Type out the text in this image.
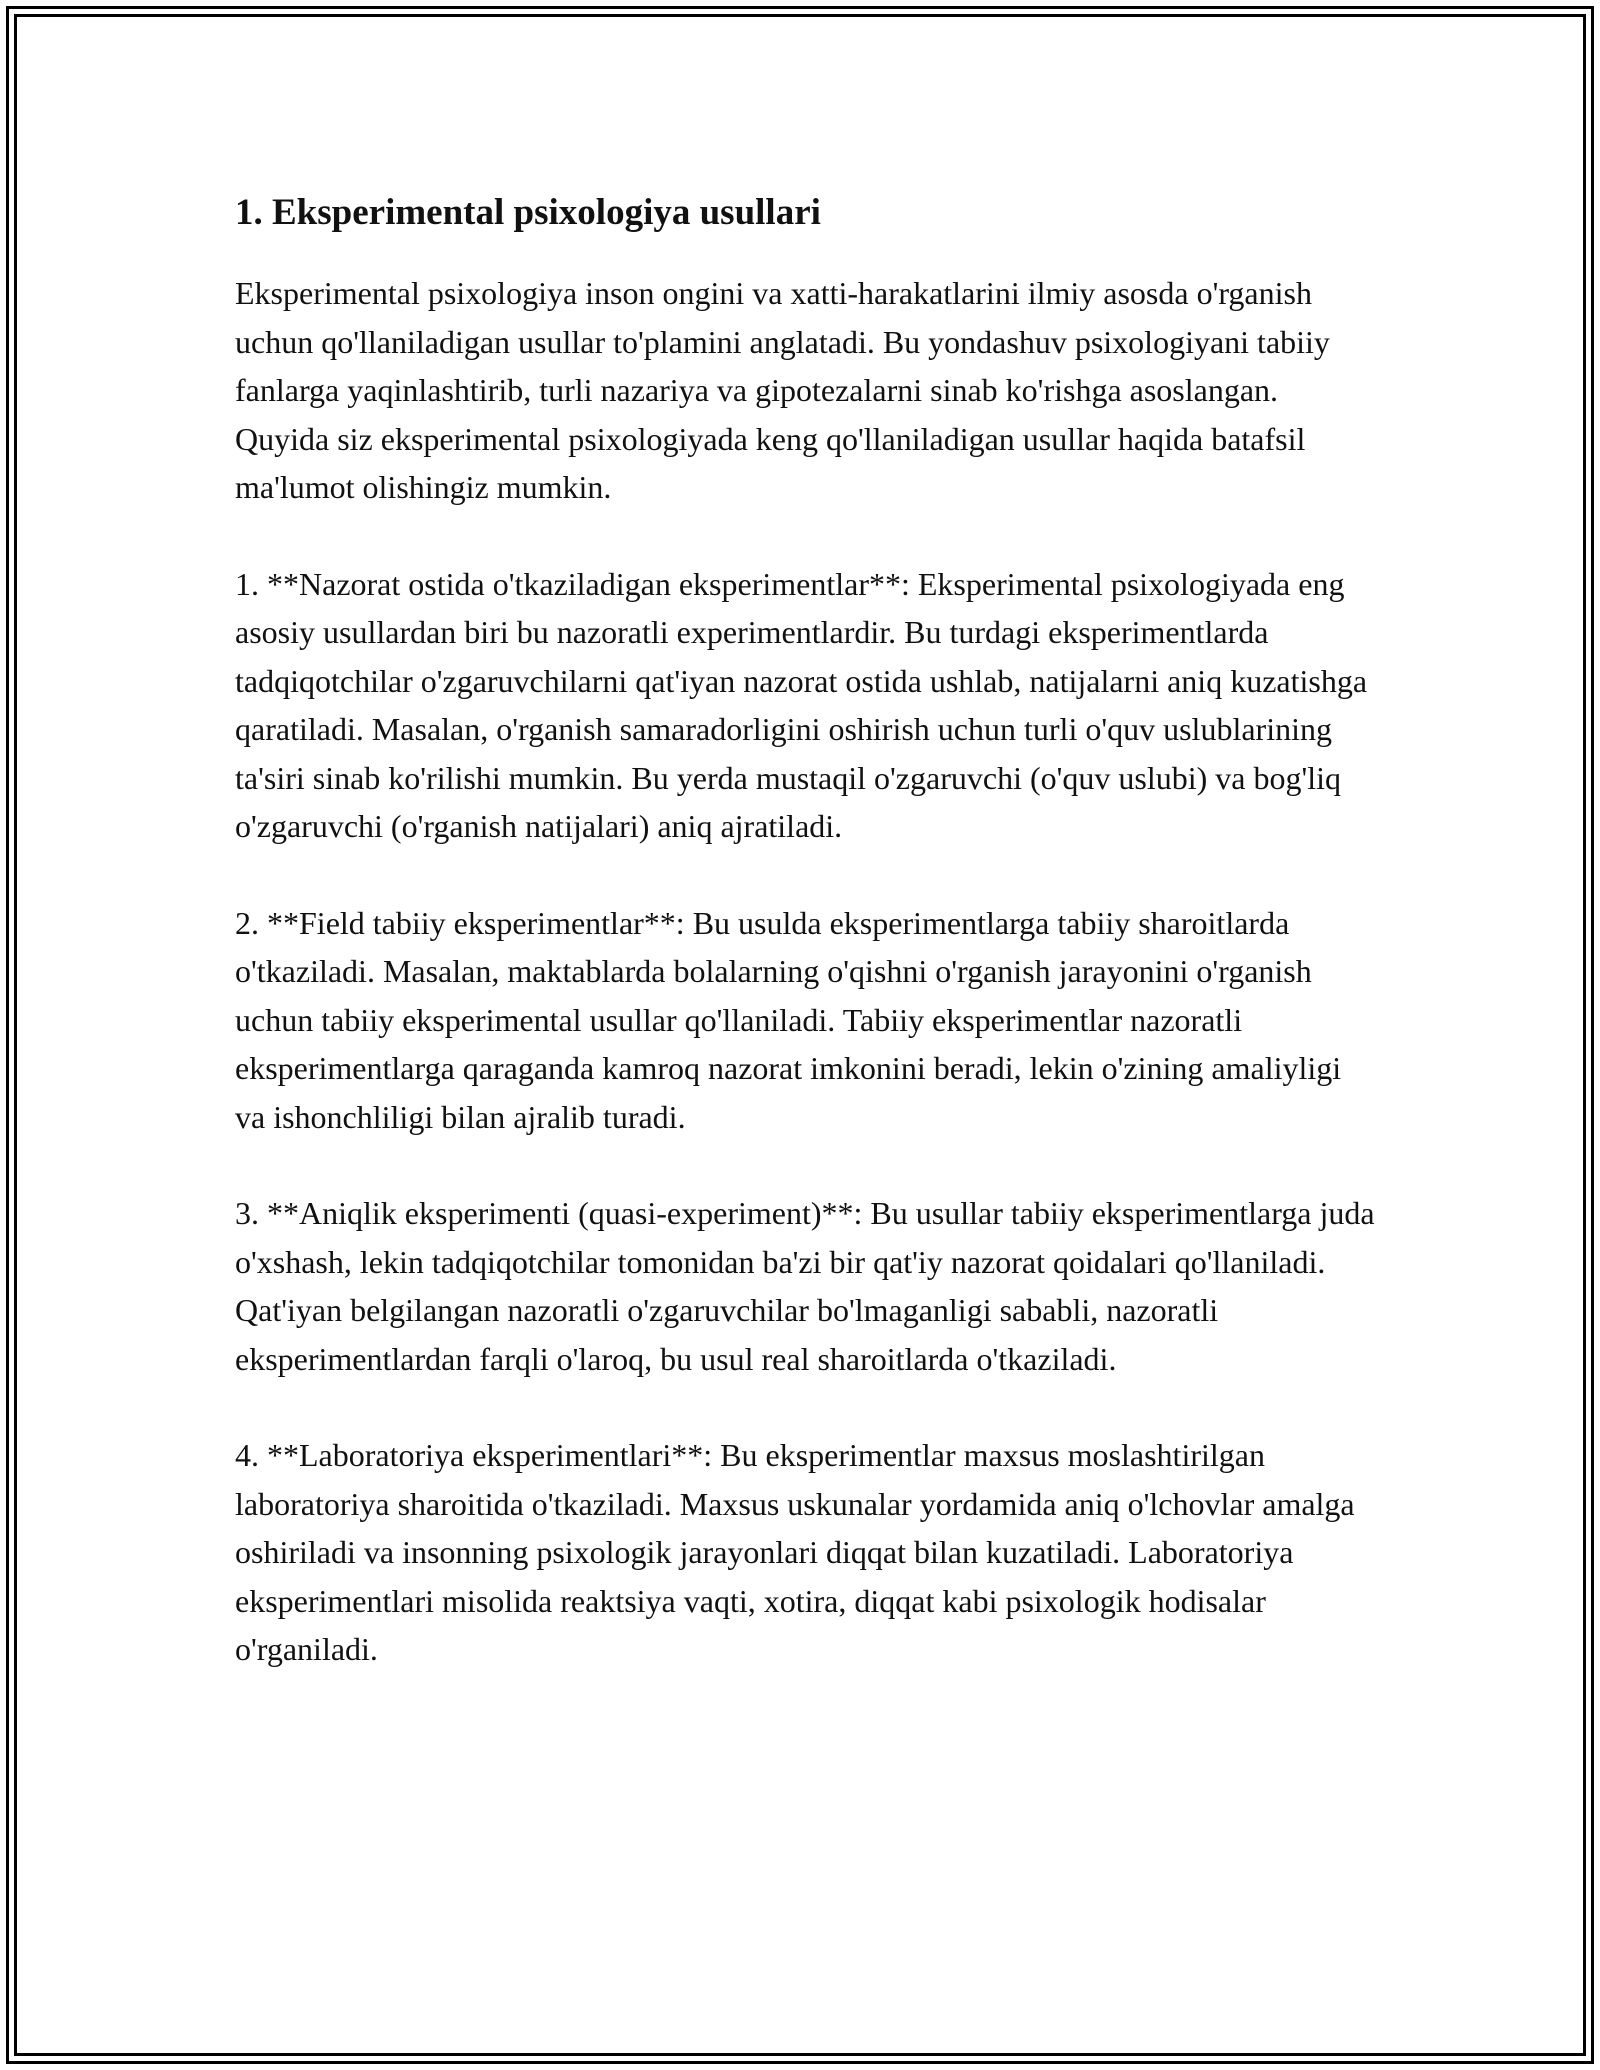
1. Eksperimental psixologiya usullari

Eksperimental psixologiya inson ongini va xatti-harakatlarini ilmiy asosda o'rganish uchun qo'llaniladigan usullar to'plamini anglatadi. Bu yondashuv psixologiyani tabiiy fanlarga yaqinlashtirib, turli nazariya va gipotezalarni sinab ko'rishga asoslangan. Quyida siz eksperimental psixologiyada keng qo'llaniladigan usullar haqida batafsil ma'lumot olishingiz mumkin.

1. **Nazorat ostida o'tkaziladigan eksperimentlar**: Eksperimental psixologiyada eng asosiy usullardan biri bu nazoratli experimentlardir. Bu turdagi eksperimentlarda tadqiqotchilar o'zgaruvchilarni qat'iyan nazorat ostida ushlab, natijalarni aniq kuzatishga qaratiladi. Masalan, o'rganish samaradorligini oshirish uchun turli o'quv uslublarining ta'siri sinab ko'rilishi mumkin. Bu yerda mustaqil o'zgaruvchi (o'quv uslubi) va bog'liq o'zgaruvchi (o'rganish natijalari) aniq ajratiladi.

2. **Field tabiiy eksperimentlar**: Bu usulda eksperimentlarga tabiiy sharoitlarda o'tkaziladi. Masalan, maktablarda bolalarning o'qishni o'rganish jarayonini o'rganish uchun tabiiy eksperimental usullar qo'llaniladi. Tabiiy eksperimentlar nazoratli eksperimentlarga qaraganda kamroq nazorat imkonini beradi, lekin o'zining amaliyligi va ishonchliligi bilan ajralib turadi.

3. **Aniqlik eksperimenti (quasi-experiment)**: Bu usullar tabiiy eksperimentlarga juda o'xshash, lekin tadqiqotchilar tomonidan ba'zi bir qat'iy nazorat qoidalari qo'llaniladi. Qat'iyan belgilangan nazoratli o'zgaruvchilar bo'lmaganligi sababli, nazoratli eksperimentlardan farqli o'laroq, bu usul real sharoitlarda o'tkaziladi.

4. **Laboratoriya eksperimentlari**: Bu eksperimentlar maxsus moslashtirilgan laboratoriya sharoitida o'tkaziladi. Maxsus uskunalar yordamida aniq o'lchovlar amalga oshiriladi va insonning psixologik jarayonlari diqqat bilan kuzatiladi. Laboratoriya eksperimentlari misolida reaktsiya vaqti, xotira, diqqat kabi psixologik hodisalar o'rganiladi.
